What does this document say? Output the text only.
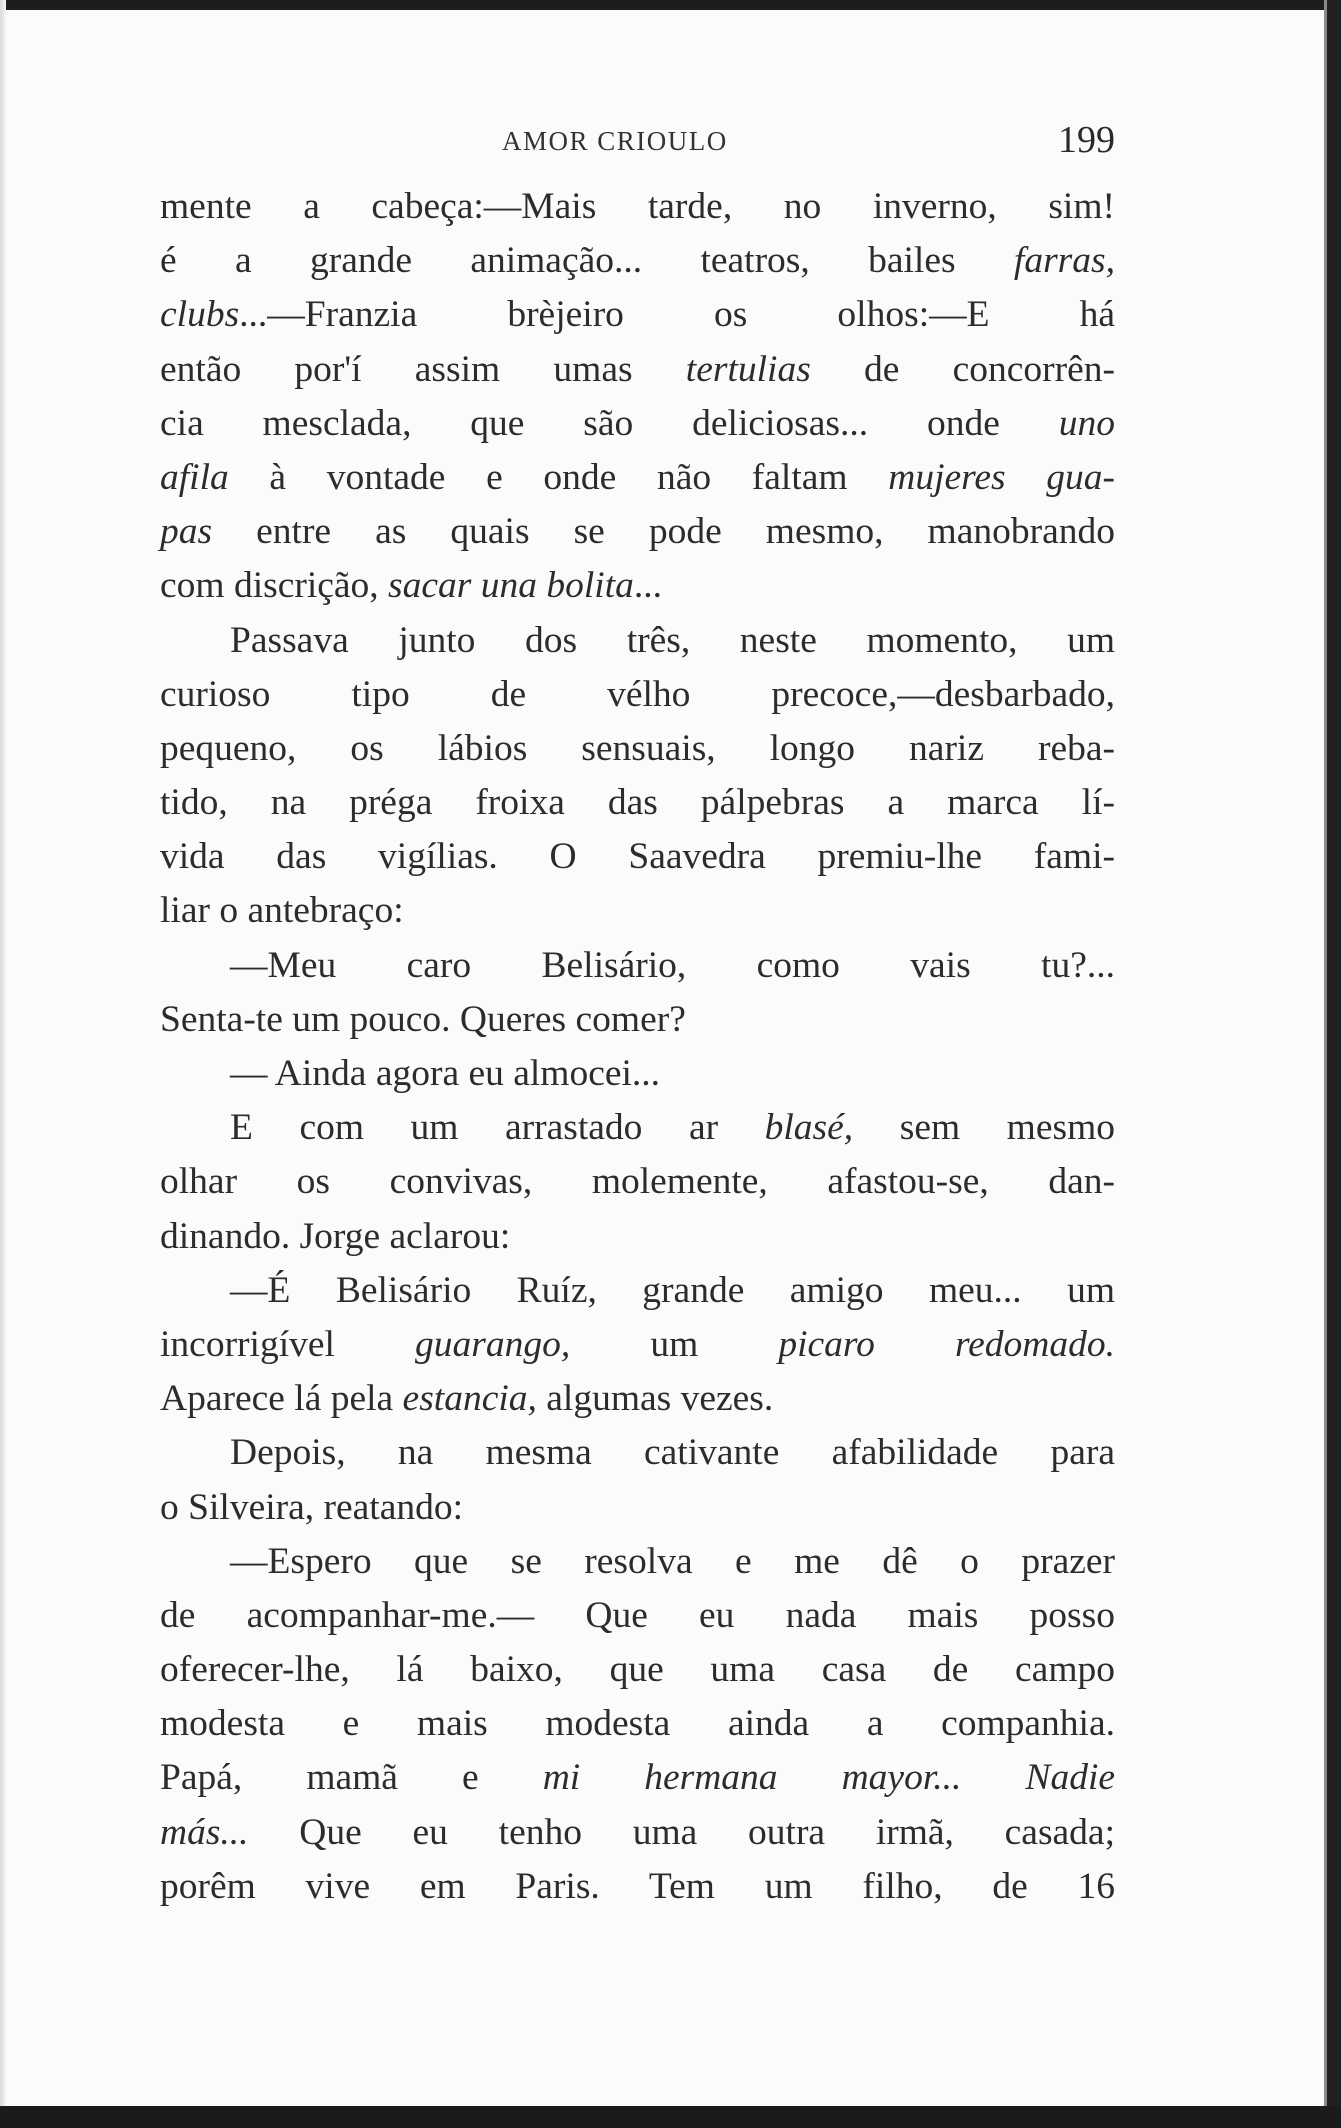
AMOR CRIOULO	199
mente a cabeça:—Mais tarde, no inverno, sim!
é a grande animação... teatros, bailes farras,
clubs...—Franzia brèjeiro os olhos:—E há
então por'í assim umas tertulias de concorrên-
cia mesclada, que são deliciosas... onde uno
afila à vontade e onde não faltam mujeres gua-
pas entre as quais se pode mesmo, manobrando
com discrição, sacar una bolita...
Passava junto dos três, neste momento, um
curioso tipo de vélho precoce,—desbarbado,
pequeno, os lábios sensuais, longo nariz reba-
tido, na préga froixa das pálpebras a marca lí-
vida das vigílias. O Saavedra premiu-lhe fami-
liar o antebraço:
—Meu caro Belisário, como vais tu?...
Senta-te um pouco. Queres comer?
— Ainda agora eu almocei...
E com um arrastado ar blasé, sem mesmo
olhar os convivas, molemente, afastou-se, dan-
dinando. Jorge aclarou:
—É Belisário Ruíz, grande amigo meu... um
incorrigível guarango, um picaro redomado.
Aparece lá pela estancia, algumas vezes.
Depois, na mesma cativante afabilidade para
o Silveira, reatando:
—Espero que se resolva e me dê o prazer
de acompanhar-me.— Que eu nada mais posso
oferecer-lhe, lá baixo, que uma casa de campo
modesta e mais modesta ainda a companhia.
Papá, mamã e mi hermana mayor... Nadie
más... Que eu tenho uma outra irmã, casada;
porêm vive em Paris. Tem um filho, de 16
